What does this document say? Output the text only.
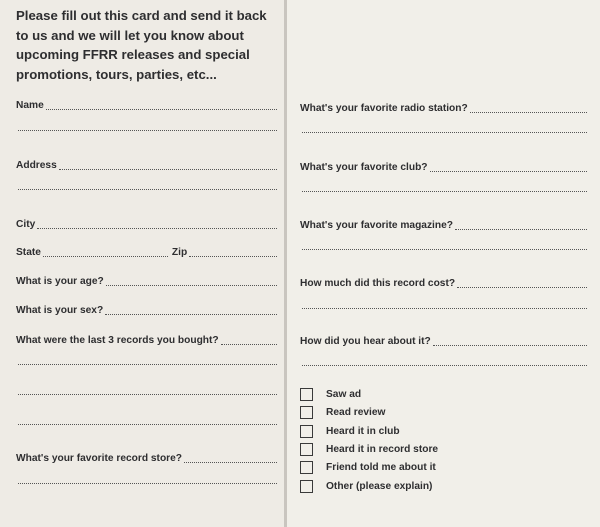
Please fill out this card and send it back to us and we will let you know about upcoming FFRR releases and special promotions, tours, parties, etc...

Name
Address
City
State	Zip
What is your age?
What is your sex?
What were the last 3 records you bought?
What's your favorite record store?
What's your favorite radio station?
What's your favorite club?
What's your favorite magazine?
How much did this record cost?
How did you hear about it?
Saw ad
Read review
Heard it in club
Heard it in record store
Friend told me about it
Other (please explain)
